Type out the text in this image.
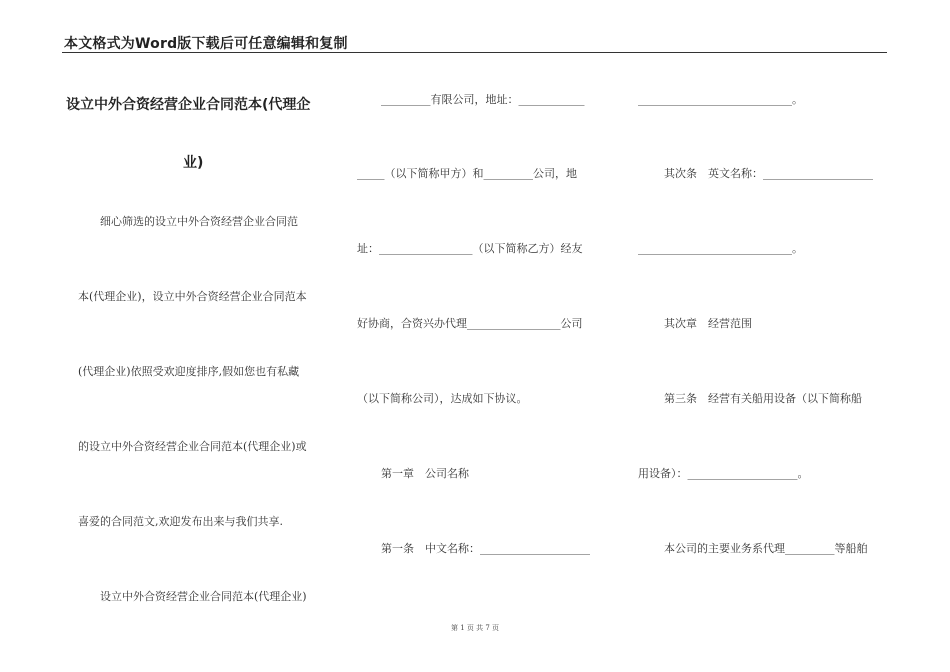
本文格式为Word版下载后可任意编辑和复制
设立中外合资经营企业合同范本(代理企
业)
细心筛选的设立中外合资经营企业合同范
本(代理企业)，设立中外合资经营企业合同范本
(代理企业)依照受欢迎度排序,假如您也有私藏
的设立中外合资经营企业合同范本(代理企业)或
喜爱的合同范文,欢迎发布出来与我们共享.
设立中外合资经营企业合同范本(代理企业)
_________有限公司，地址：____________
_____（以下简称甲方）和_________公司，地
址：_________________（以下简称乙方）经友
好协商，合资兴办代理_________________公司
（以下简称公司），达成如下协议。
第一章　公司名称
第一条　中文名称：____________________
____________________________。
其次条　英文名称：____________________
____________________________。
其次章　经营范围
第三条　经营有关船用设备（以下简称船
用设备）：____________________。
本公司的主要业务系代理_________等船舶
第 1 页 共 7 页
